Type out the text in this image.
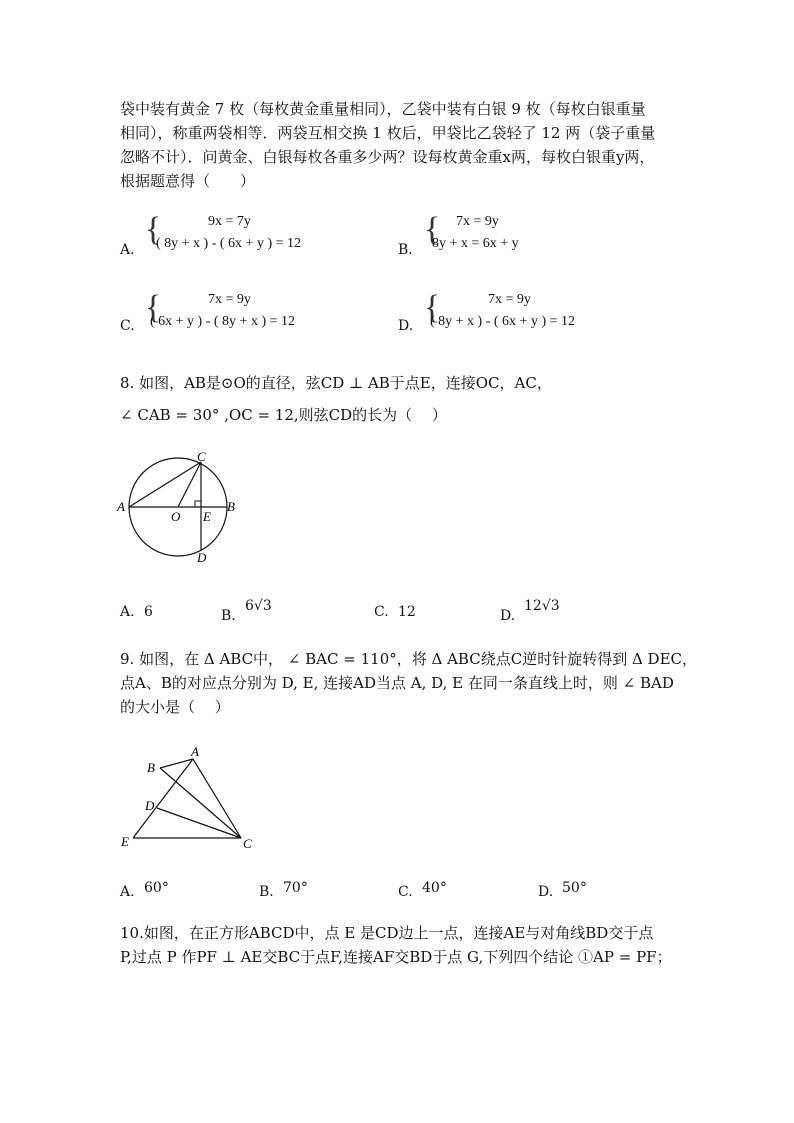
袋中装有黄金 7 枚（每枚黄金重量相同），乙袋中装有白银 9 枚（每枚白银重量
相同），称重两袋相等．两袋互相交换 1 枚后，甲袋比乙袋轻了 12 两（袋子重量
忽略不计）．问黄金、白银每枚各重多少两？设每枚黄金重x两，每枚白银重y两，
根据题意得（　　）
A.
{	9x = 7y
( 8y + x ) - ( 6x + y ) = 12	B.
{ 7x = 9y
8y + x = 6x + y
C. {	7x = 9y
( 6x + y ) - ( 8y + x ) = 12	D. {	7x = 9y
( 8y + x ) - ( 6x + y ) = 12
8. 如图，AB是⊙O的直径，弦CD ⊥ AB于点E，连接OC，AC，
∠ CAB = 30° ,OC = 12,则弦CD的长为（　 ）
A	B
C
D
O E
A. 6	B.
6√3	C. 12	D.
12√3
9. 如图，在 Δ ABC中， ∠ BAC = 110°，将 Δ ABC绕点C逆时针旋转得到 Δ DEC，
点A、B的对应点分别为 D, E, 连接AD当点 A, D, E 在同一条直线上时，则 ∠ BAD
的大小是（　 ）
A
B
D
E	C
A. 60°	B. 70°	C. 40°	D. 50°
10.如图，在正方形ABCD中，点 E 是CD边上一点，连接AE与对角线BD交于点
P,过点 P 作PF ⊥ AE交BC于点F,连接AF交BD于点 G,下列四个结论 ①AP = PF；
